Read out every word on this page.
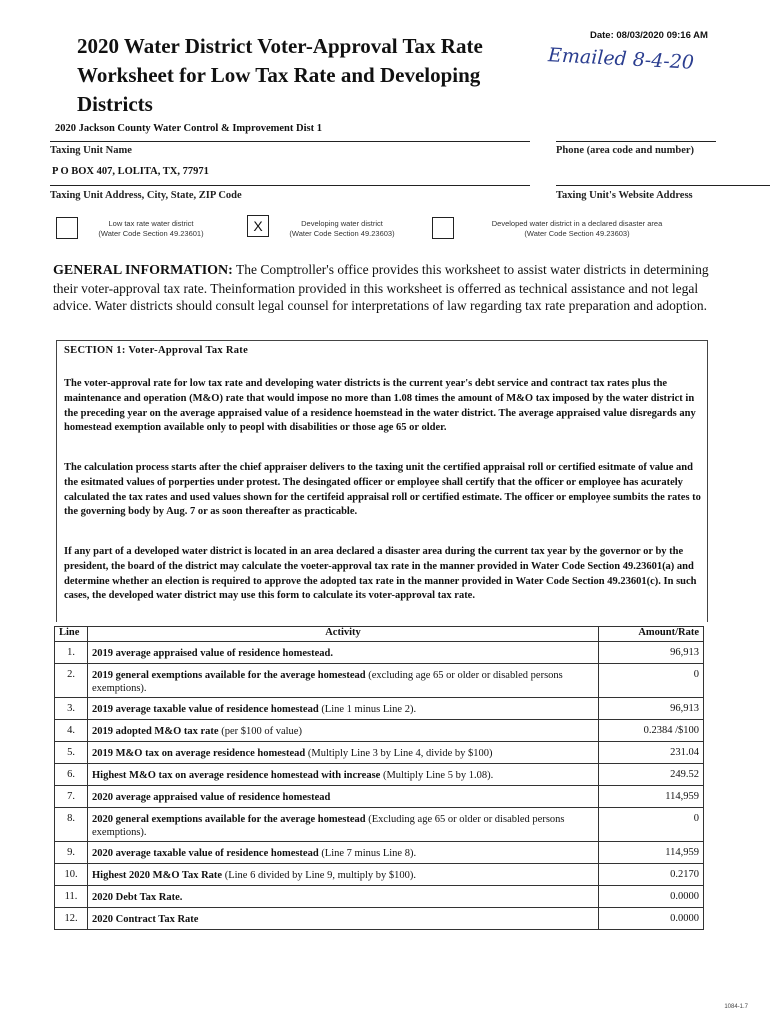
2020 Water District Voter-Approval Tax Rate Worksheet for Low Tax Rate and Developing Districts
Date: 08/03/2020 09:16 AM
Emailed 8-4-20
2020 Jackson County Water Control & Improvement Dist 1
Taxing Unit Name	Phone (area code and number)
P O BOX 407, LOLITA, TX, 77971
Taxing Unit Address, City, State, ZIP Code	Taxing Unit's Website Address
Low tax rate water district
(Water Code Section 49.23601)	X	Developing water district
(Water Code Section 49.23603)
Developed water district in a declared disaster area
(Water Code Section 49.23603)
GENERAL INFORMATION: The Comptroller's office provides this worksheet to assist water districts in determining their voter-approval tax rate. Theinformation provided in this worksheet is offerred as technical assistance and not legal advice. Water districts should consult legal counsel for interpretations of law regarding tax rate preparation and adoption.
SECTION 1: Voter-Approval Tax Rate
The voter-approval rate for low tax rate and developing water districts is the current year's debt service and contract tax rates plus the maintenance and operation (M&O) rate that would impose no more than 1.08 times the amount of M&O tax imposed by the water district in the preceding year on the average appraised value of a residence hoemstead in the water district. The average appraised value disregards any homestead exemption available only to peopl with disabilities or those age 65 or older.
The calculation process starts after the chief appraiser delivers to the taxing unit the certified appraisal roll or certified esitmate of value and the esitmated values of porperties under protest. The desingated officer or employee shall certify that the officer or employee has acurately calculated the tax rates and used values shown for the certifeid appraisal roll or certified estimate. The officer or employee sumbits the rates to the governing body by Aug. 7 or as soon thereafter as practicable.
If any part of a developed water district is located in an area declared a disaster area during the current tax year by the governor or by the president, the board of the district may calculate the voeter-approval tax rate in the manner provided in Water Code Section 49.23601(a) and determine whether an election is required to approve the adopted tax rate in the manner provided in Water Code Section 49.23601(c). In such cases, the developed water district may use this form to calculate its voter-approval tax rate.
Line	Activity	Amount/Rate
1.	2019 average appraised value of residence homestead.	96,913
2.	2019 general exemptions available for the average homestead (excluding age 65 or older or disabled persons exemptions).	0
3.	2019 average taxable value of residence homestead (Line 1 minus Line 2).	96,913
4.	2019 adopted M&O tax rate (per $100 of value)	0.2384 /$100
5.	2019 M&O tax on average residence homestead (Multiply Line 3 by Line 4, divide by $100)	231.04
6.	Highest M&O tax on average residence homestead with increase (Multiply Line 5 by 1.08).	249.52
7.	2020 average appraised value of residence homestead	114,959
8.	2020 general exemptions available for the average homestead (Excluding age 65 or older or disabled persons exemptions).	0
9.	2020 average taxable value of residence homestead (Line 7 minus Line 8).	114,959
10.	Highest 2020 M&O Tax Rate (Line 6 divided by Line 9, multiply by $100).	0.2170
11.	2020 Debt Tax Rate.	0.0000
12.	2020 Contract Tax Rate	0.0000
1084-1.7
